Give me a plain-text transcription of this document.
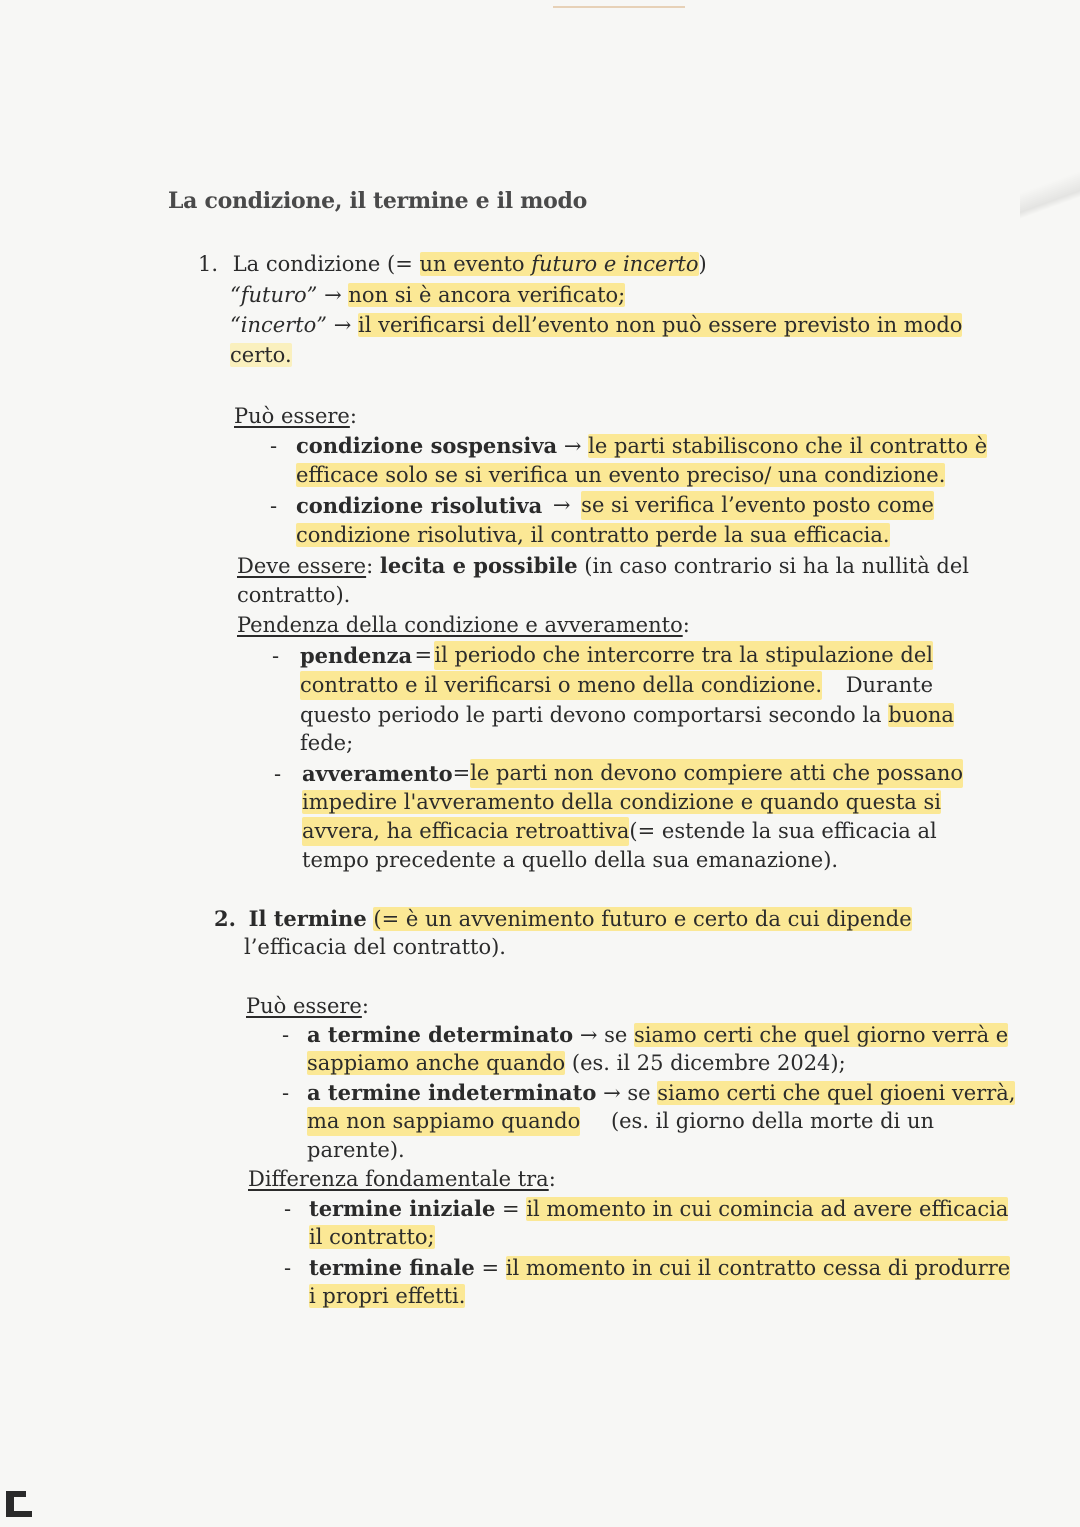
La condizione, il termine e il modo
1. La condizione (= un evento futuro e incerto)
“futuro” → non si è ancora verificato;
“incerto” → il verificarsi dell’evento non può essere previsto in modo
certo.
Può essere:
- condizione sospensiva → le parti stabiliscono che il contratto è
efficace solo se si verifica un evento preciso/ una condizione.
- condizione risolutiva → se si verifica l’evento posto come
condizione risolutiva, il contratto perde la sua efficacia.
Deve essere: lecita e possibile (in caso contrario si ha la nullità del
contratto).
Pendenza della condizione e avveramento:
- pendenza = il periodo che intercorre tra la stipulazione del
contratto e il verificarsi o meno della condizione. Durante
questo periodo le parti devono comportarsi secondo la buona
fede;
- avveramento = le parti non devono compiere atti che possano
impedire l'avveramento della condizione e quando questa si
avvera, ha efficacia retroattiva (= estende la sua efficacia al
tempo precedente a quello della sua emanazione).
2. Il termine (= è un avvenimento futuro e certo da cui dipende
l’efficacia del contratto).
Può essere:
- a termine determinato → se siamo certi che quel giorno verrà e
sappiamo anche quando (es. il 25 dicembre 2024);
- a termine indeterminato → se siamo certi che quel gioeni verrà,
ma non sappiamo quando (es. il giorno della morte di un
parente).
Differenza fondamentale tra:
- termine iniziale = il momento in cui comincia ad avere efficacia
il contratto;
- termine finale = il momento in cui il contratto cessa di produrre
i propri effetti.
